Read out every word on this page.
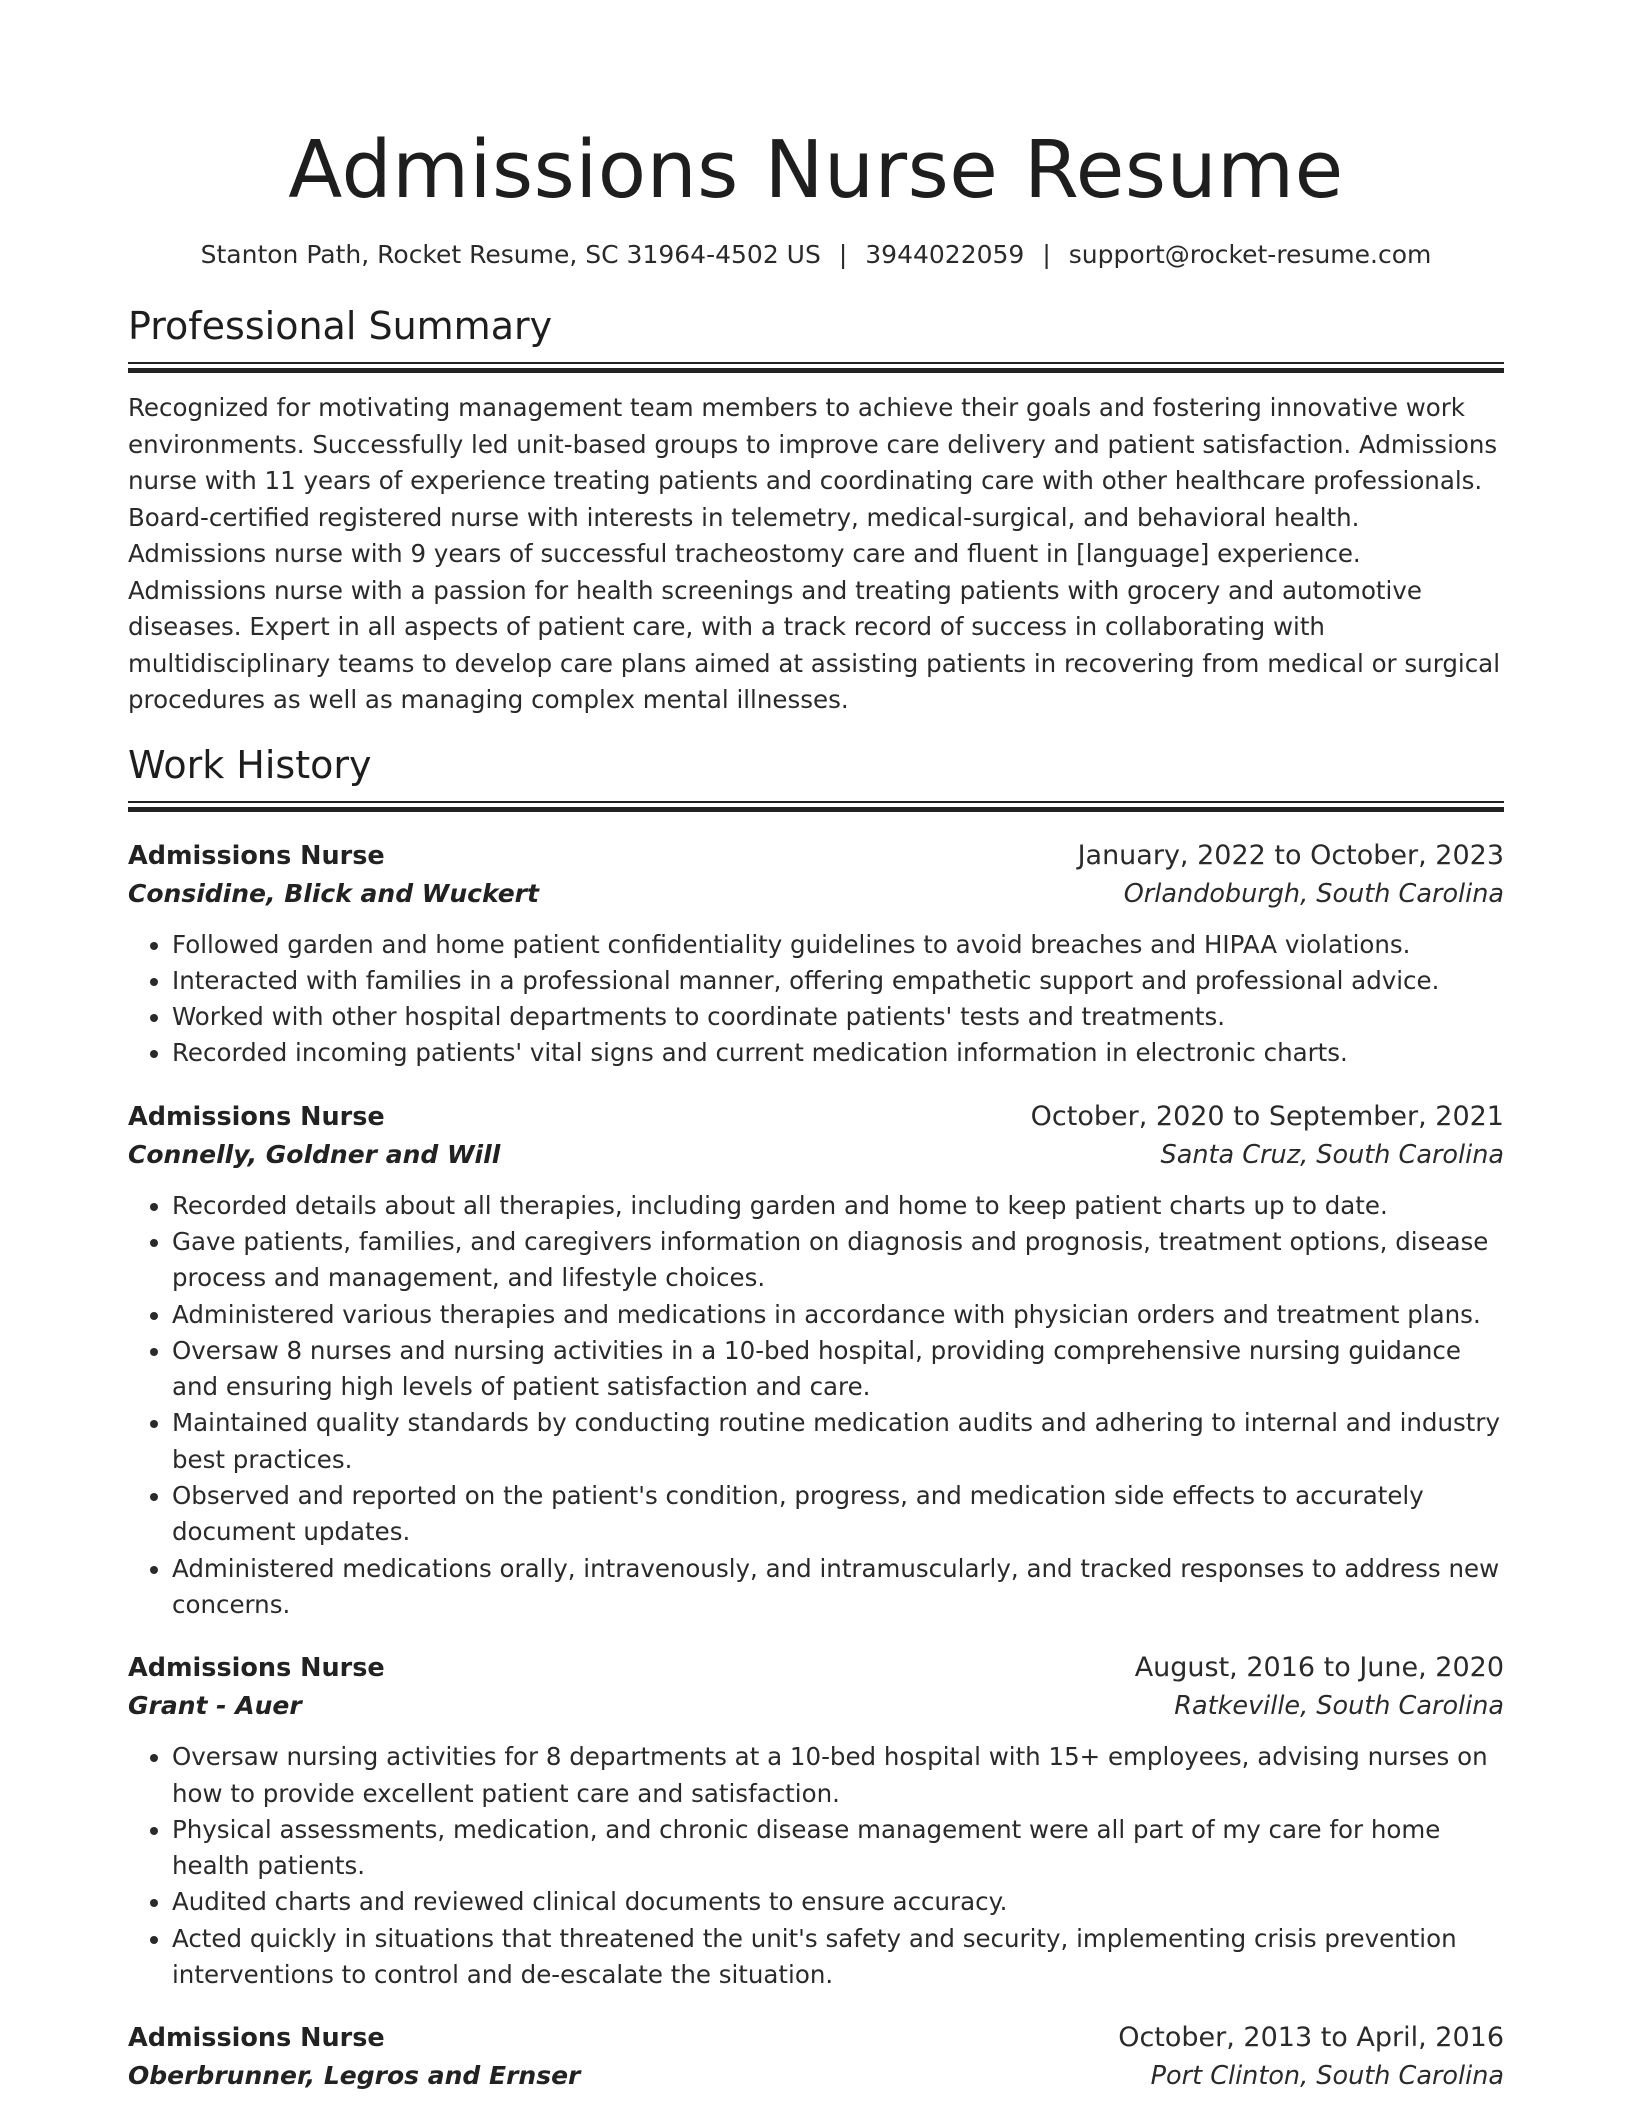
Admissions Nurse Resume
Stanton Path, Rocket Resume, SC 31964-4502 US | 3944022059 | support@rocket-resume.com
Professional Summary

Recognized for motivating management team members to achieve their goals and fostering innovative work environments. Successfully led unit-based groups to improve care delivery and patient satisfaction. Admissions nurse with 11 years of experience treating patients and coordinating care with other healthcare professionals. Board-certified registered nurse with interests in telemetry, medical-surgical, and behavioral health. Admissions nurse with 9 years of successful tracheostomy care and fluent in [language] experience. Admissions nurse with a passion for health screenings and treating patients with grocery and automotive diseases. Expert in all aspects of patient care, with a track record of success in collaborating with multidisciplinary teams to develop care plans aimed at assisting patients in recovering from medical or surgical procedures as well as managing complex mental illnesses.

Work History
Admissions Nurse	January, 2022 to October, 2023
Considine, Blick and Wuckert	Orlandoburgh, South Carolina
• Followed garden and home patient confidentiality guidelines to avoid breaches and HIPAA violations.
• Interacted with families in a professional manner, offering empathetic support and professional advice.
• Worked with other hospital departments to coordinate patients' tests and treatments.
• Recorded incoming patients' vital signs and current medication information in electronic charts.
Admissions Nurse	October, 2020 to September, 2021
Connelly, Goldner and Will	Santa Cruz, South Carolina
• Recorded details about all therapies, including garden and home to keep patient charts up to date.
• Gave patients, families, and caregivers information on diagnosis and prognosis, treatment options, disease process and management, and lifestyle choices.
• Administered various therapies and medications in accordance with physician orders and treatment plans.
• Oversaw 8 nurses and nursing activities in a 10-bed hospital, providing comprehensive nursing guidance and ensuring high levels of patient satisfaction and care.
• Maintained quality standards by conducting routine medication audits and adhering to internal and industry best practices.
• Observed and reported on the patient's condition, progress, and medication side effects to accurately document updates.
• Administered medications orally, intravenously, and intramuscularly, and tracked responses to address new concerns.
Admissions Nurse	August, 2016 to June, 2020
Grant - Auer	Ratkeville, South Carolina
• Oversaw nursing activities for 8 departments at a 10-bed hospital with 15+ employees, advising nurses on how to provide excellent patient care and satisfaction.
• Physical assessments, medication, and chronic disease management were all part of my care for home health patients.
• Audited charts and reviewed clinical documents to ensure accuracy.
• Acted quickly in situations that threatened the unit's safety and security, implementing crisis prevention interventions to control and de-escalate the situation.
Admissions Nurse	October, 2013 to April, 2016
Oberbrunner, Legros and Ernser	Port Clinton, South Carolina
